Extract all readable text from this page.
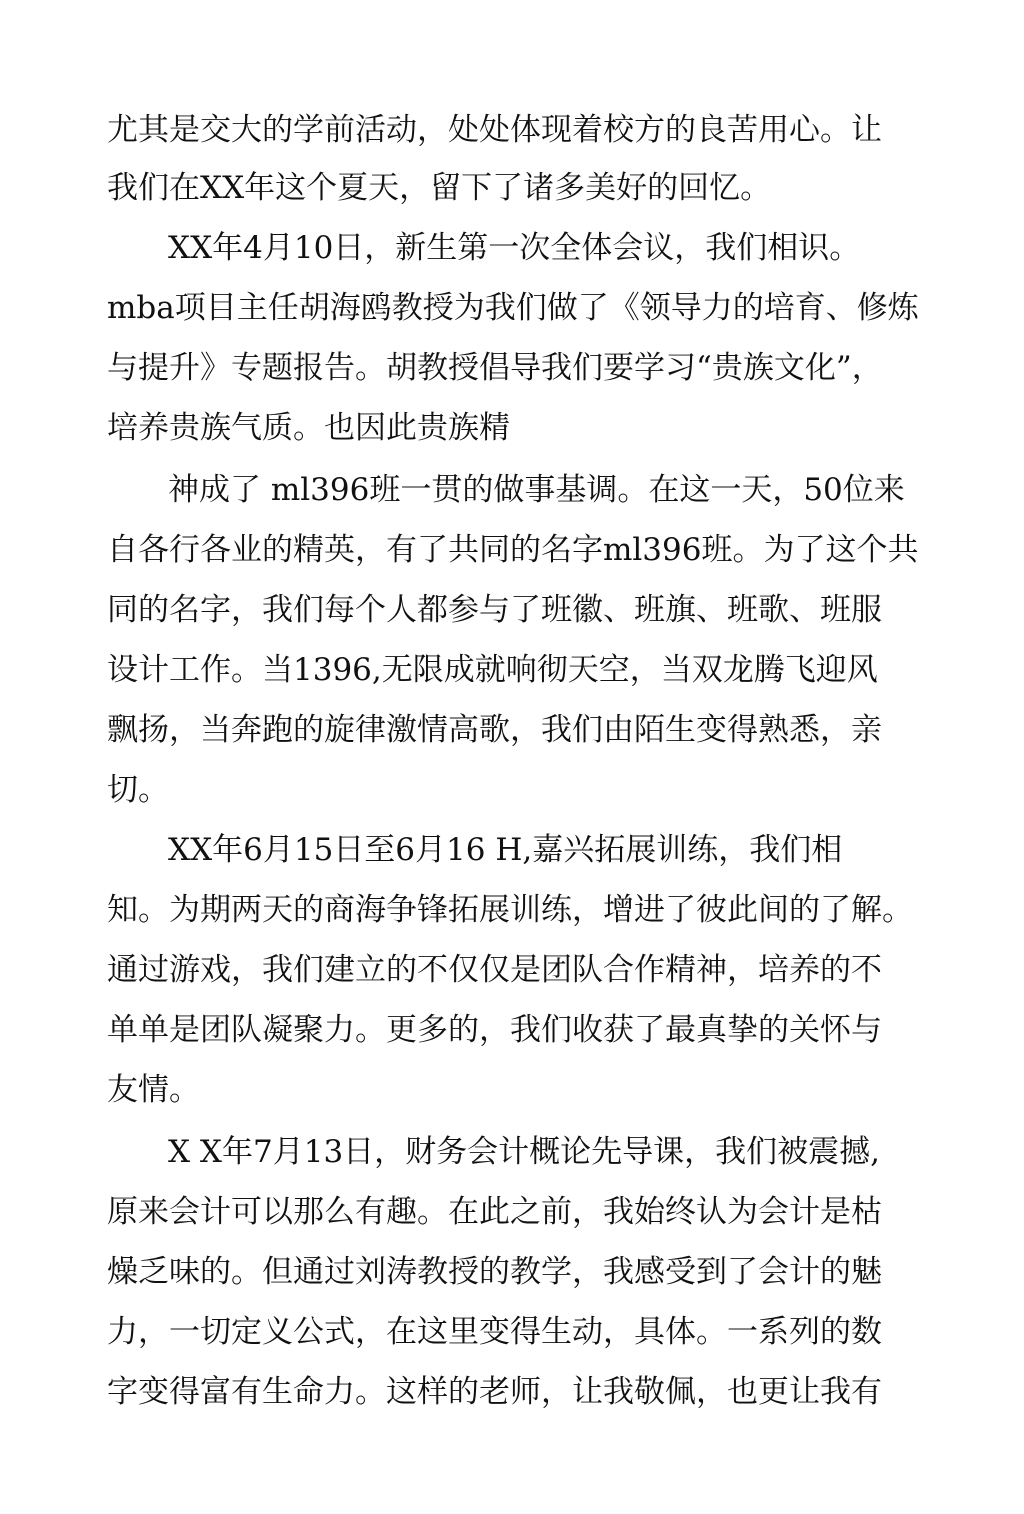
尤其是交大的学前活动，处处体现着校方的良苦用心。让

我们在XX年这个夏天，留下了诸多美好的回忆。

XX年4月10日，新生第一次全体会议，我们相识。

mba项目主任胡海鸥教授为我们做了《领导力的培育、修炼

与提升》专题报告。胡教授倡导我们要学习“贵族文化”，

培养贵族气质。也因此贵族精

神成了 ml396班一贯的做事基调。在这一天，50位来

自各行各业的精英，有了共同的名字ml396班。为了这个共

同的名字，我们每个人都参与了班徽、班旗、班歌、班服

设计工作。当1396,无限成就响彻天空，当双龙腾飞迎风

飘扬，当奔跑的旋律激情高歌，我们由陌生变得熟悉，亲

切。

XX年6月15日至6月16 H,嘉兴拓展训练，我们相

知。为期两天的商海争锋拓展训练，增进了彼此间的了解。

通过游戏，我们建立的不仅仅是团队合作精神，培养的不

单单是团队凝聚力。更多的，我们收获了最真挚的关怀与

友情。

X X年7月13日，财务会计概论先导课，我们被震撼,

原来会计可以那么有趣。在此之前，我始终认为会计是枯

燥乏味的。但通过刘涛教授的教学，我感受到了会计的魅

力，一切定义公式，在这里变得生动，具体。一系列的数

字变得富有生命力。这样的老师，让我敬佩，也更让我有
